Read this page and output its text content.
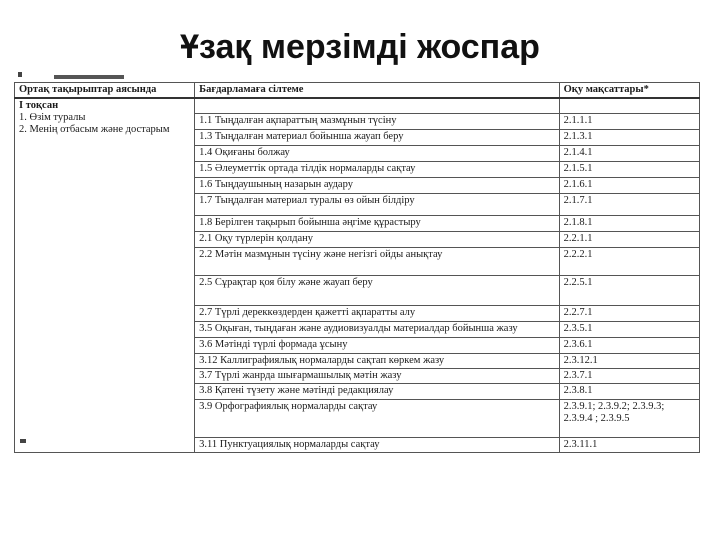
Ұзақ мерзімді жоспар
Ортақ тақырыптар аясында	Бағдарламаға сілтеме	Оқу мақсаттары*

І тоқсан
1. Өзім туралы
2. Менің отбасым және достарым		

	1.1 Тыңдалған ақпараттың мазмұнын түсіну	2.1.1.1
	1.3 Тыңдалған материал бойынша жауап беру	2.1.3.1
	1.4 Оқиғаны болжау	2.1.4.1
	1.5 Әлеуметтік ортада тілдік нормаларды сақтау	2.1.5.1
	1.6 Тыңдаушының назарын аудару	2.1.6.1
	1.7 Тыңдалған материал туралы өз ойын білдіру	2.1.7.1
	1.8 Берілген тақырып бойынша әңгіме құрастыру	2.1.8.1
	2.1 Оқу түрлерін қолдану	2.2.1.1
	2.2 Мәтін мазмұнын түсіну және негізгі ойды анықтау	2.2.2.1
	2.5 Сұрақтар қоя білу және жауап беру	2.2.5.1
	2.7 Түрлі дереккөздерден қажетті ақпаратты алу	2.2.7.1
	3.5 Оқыған, тыңдаған және аудиовизуалды материалдар бойынша жазу	2.3.5.1
	3.6 Мәтінді түрлі формада ұсыну	2.3.6.1
	3.12 Каллиграфиялық нормаларды сақтап көркем жазу	2.3.12.1
	3.7 Түрлі жанрда шығармашылық мәтін жазу	2.3.7.1
	3.8 Қатені түзету және мәтінді редакциялау	2.3.8.1
	3.9 Орфографиялық нормаларды сақтау	2.3.9.1; 2.3.9.2; 2.3.9.3; 2.3.9.4 ; 2.3.9.5
	3.11 Пунктуациялық нормаларды сақтау	2.3.11.1
